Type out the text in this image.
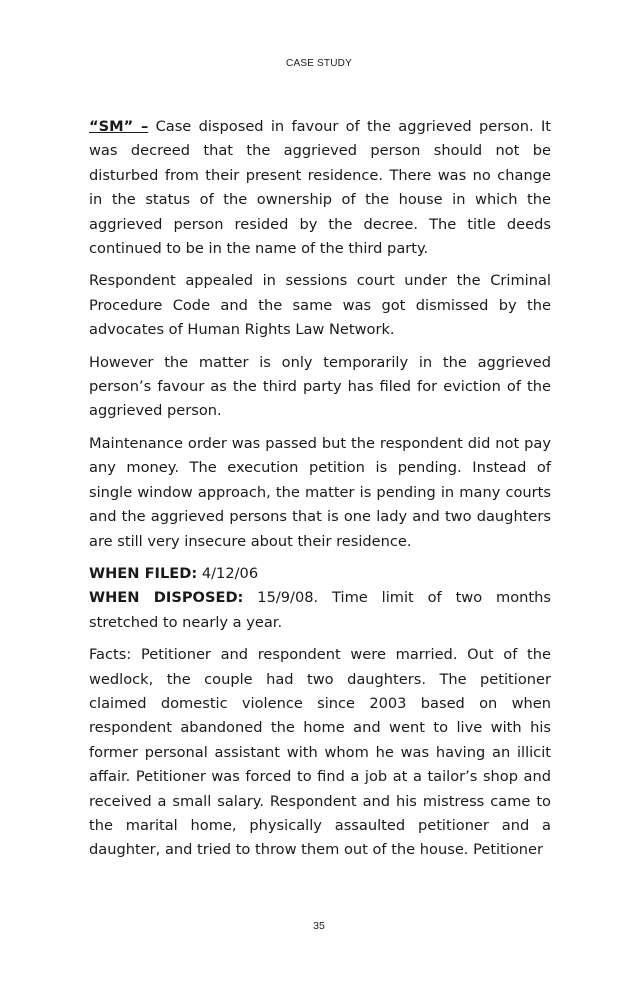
CASE STUDY

“SM” – Case disposed in favour of the aggrieved person. It was decreed that the aggrieved person should not be disturbed from their present residence. There was no change in the status of the ownership of the house in which the aggrieved person resided by the decree. The title deeds continued to be in the name of the third party.

Respondent appealed in sessions court under the Criminal Procedure Code and the same was got dismissed by the advocates of Human Rights Law Network.

However the matter is only temporarily in the aggrieved person’s favour as the third party has filed for eviction of the aggrieved person.

Maintenance order was passed but the respondent did not pay any money. The execution petition is pending. Instead of single window approach, the matter is pending in many courts and the aggrieved persons that is one lady and two daughters are still very insecure about their residence.

WHEN FILED: 4/12/06

WHEN DISPOSED: 15/9/08. Time limit of two months stretched to nearly a year.

Facts: Petitioner and respondent were married. Out of the wedlock, the couple had two daughters. The petitioner claimed domestic violence since 2003 based on when respondent abandoned the home and went to live with his former personal assistant with whom he was having an illicit affair. Petitioner was forced to find a job at a tailor’s shop and received a small salary. Respondent and his mistress came to the marital home, physically assaulted petitioner and a daughter, and tried to throw them out of the house. Petitioner

35
